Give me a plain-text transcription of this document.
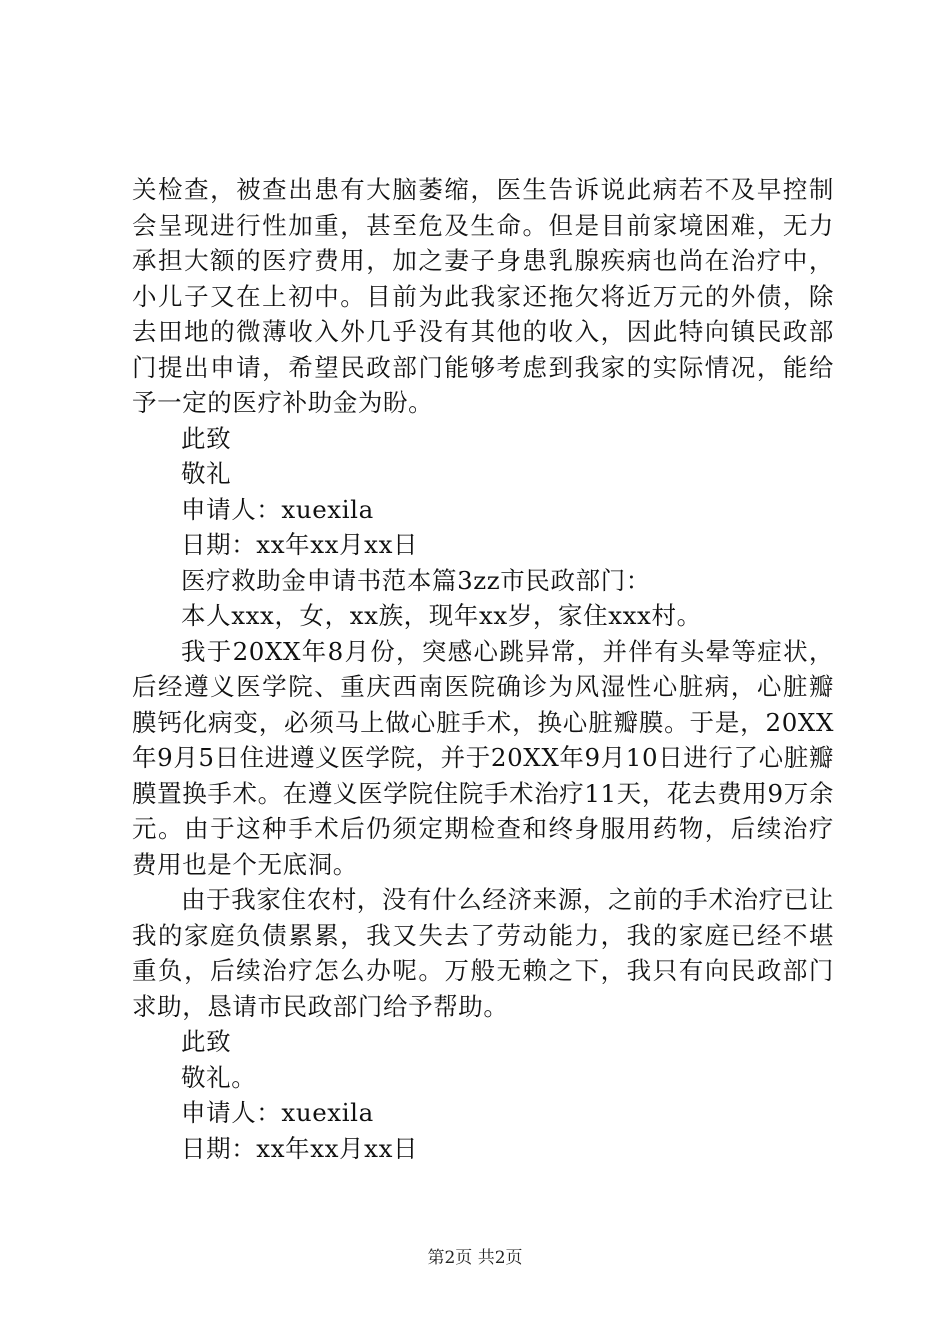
关检查，被查出患有大脑萎缩，医生告诉说此病若不及早控制会呈现进行性加重，甚至危及生命。但是目前家境困难，无力承担大额的医疗费用，加之妻子身患乳腺疾病也尚在治疗中，小儿子又在上初中。目前为此我家还拖欠将近万元的外债，除去田地的微薄收入外几乎没有其他的收入，因此特向镇民政部门提出申请，希望民政部门能够考虑到我家的实际情况，能给予一定的医疗补助金为盼。

此致

敬礼

申请人：xuexila

日期：xx年xx月xx日

医疗救助金申请书范本篇3zz市民政部门：

本人xxx，女，xx族，现年xx岁，家住xxx村。

我于20XX年8月份，突感心跳异常，并伴有头晕等症状，后经遵义医学院、重庆西南医院确诊为风湿性心脏病，心脏瓣膜钙化病变，必须马上做心脏手术，换心脏瓣膜。于是，20XX年9月5日住进遵义医学院，并于20XX年9月10日进行了心脏瓣膜置换手术。在遵义医学院住院手术治疗11天，花去费用9万余元。由于这种手术后仍须定期检查和终身服用药物，后续治疗费用也是个无底洞。

由于我家住农村，没有什么经济来源，之前的手术治疗已让我的家庭负债累累，我又失去了劳动能力，我的家庭已经不堪重负，后续治疗怎么办呢。万般无赖之下，我只有向民政部门求助，恳请市民政部门给予帮助。

此致

敬礼。

申请人：xuexila

日期：xx年xx月xx日

第2页 共2页
